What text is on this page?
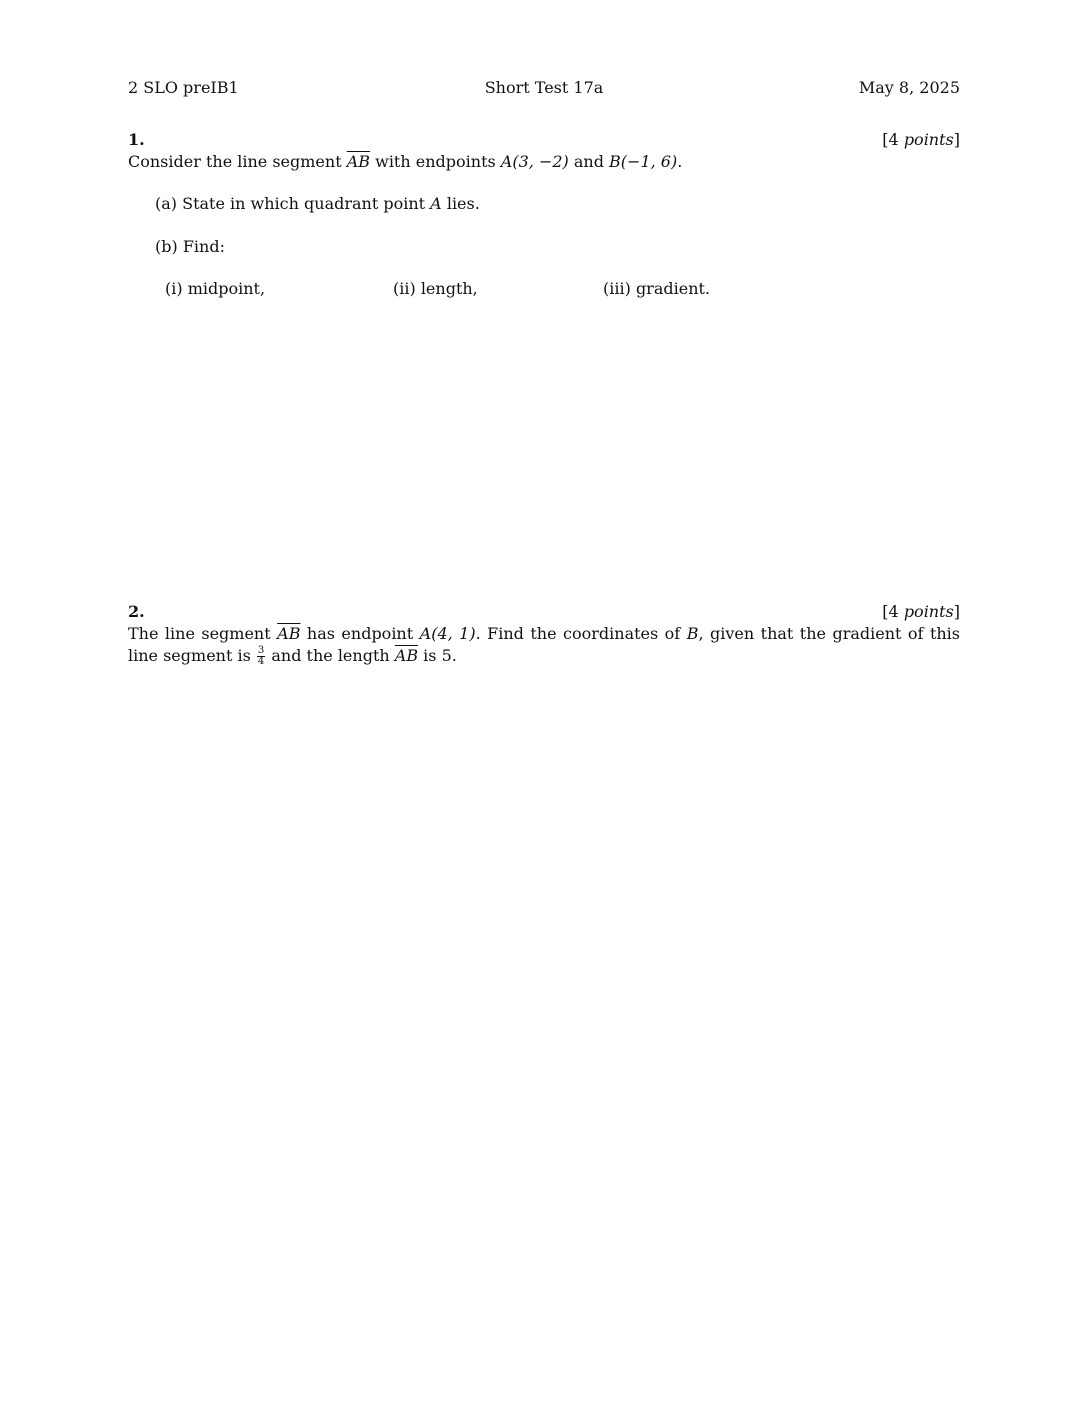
2 SLO preIB1	Short Test 17a	May 8, 2025
1.	[4 points]
Consider the line segment $\overline{AB}$ with endpoints A(3, −2) and B(−1, 6).
(a) State in which quadrant point A lies.
(b) Find:
(i) midpoint,	(ii) length,	(iii) gradient.
2.	[4 points]
The line segment $\overline{AB}$ has endpoint A(4, 1). Find the coordinates of B, given that the gradient of this line segment is $\frac{3}{4}$ and the length $\overline{AB}$ is 5.
